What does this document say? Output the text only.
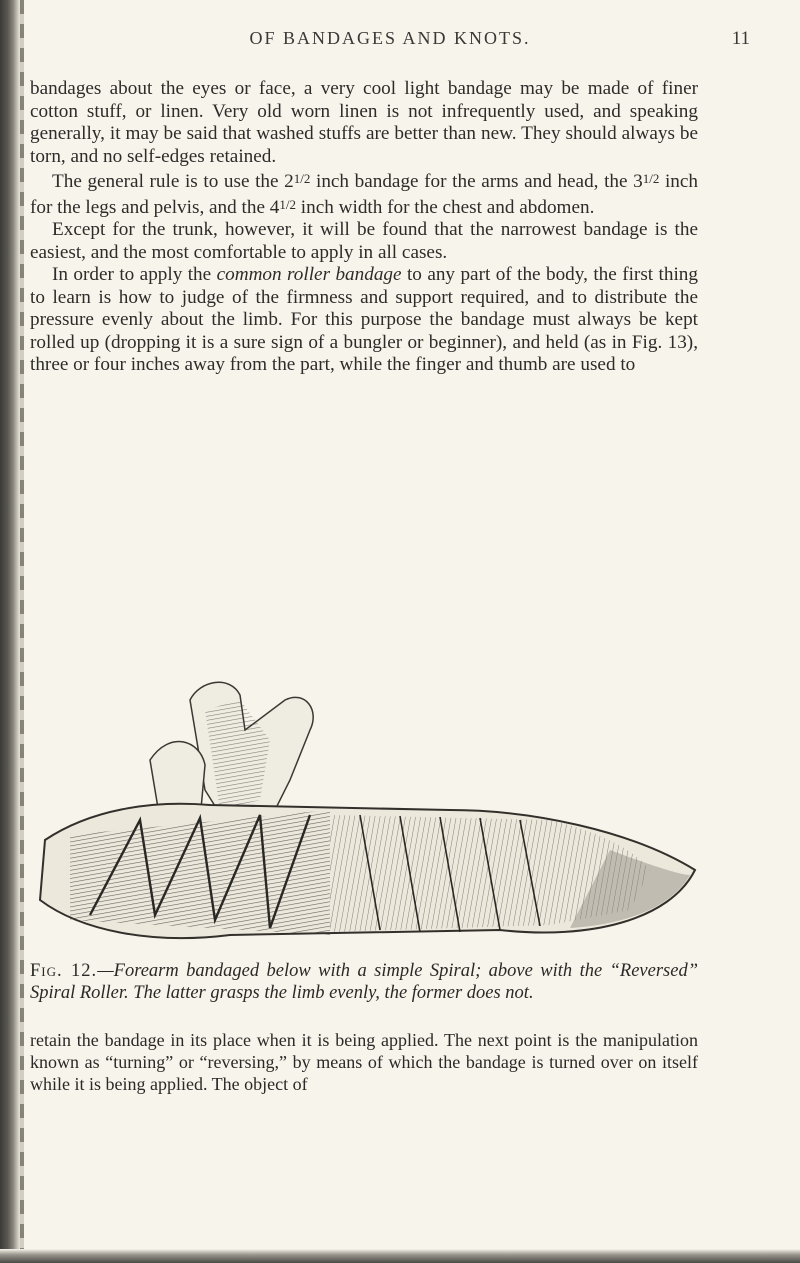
OF BANDAGES AND KNOTS.	11

bandages about the eyes or face, a very cool light bandage may be made of finer cotton stuff, or linen. Very old worn linen is not infrequently used, and speaking generally, it may be said that washed stuffs are better than new. They should always be torn, and no self-edges retained.

The general rule is to use the $2^{1/2}$ inch bandage for the arms and head, the $3^{1/2}$ inch for the legs and pelvis, and the $4^{1/2}$ inch width for the chest and abdomen.

Except for the trunk, however, it will be found that the narrowest bandage is the easiest, and the most comfortable to apply in all cases.

In order to apply the common roller bandage to any part of the body, the first thing to learn is how to judge of the firmness and support required, and to distribute the pressure evenly about the limb. For this purpose the bandage must always be kept rolled up (dropping it is a sure sign of a bungler or beginner), and held (as in Fig. 13), three or four inches away from the part, while the finger and thumb are used to

Fig. 12.—Forearm bandaged below with a simple Spiral; above with the “Reversed” Spiral Roller. The latter grasps the limb evenly, the former does not.

retain the bandage in its place when it is being applied. The next point is the manipulation known as “turning” or “reversing,” by means of which the bandage is turned over on itself while it is being applied. The object of
